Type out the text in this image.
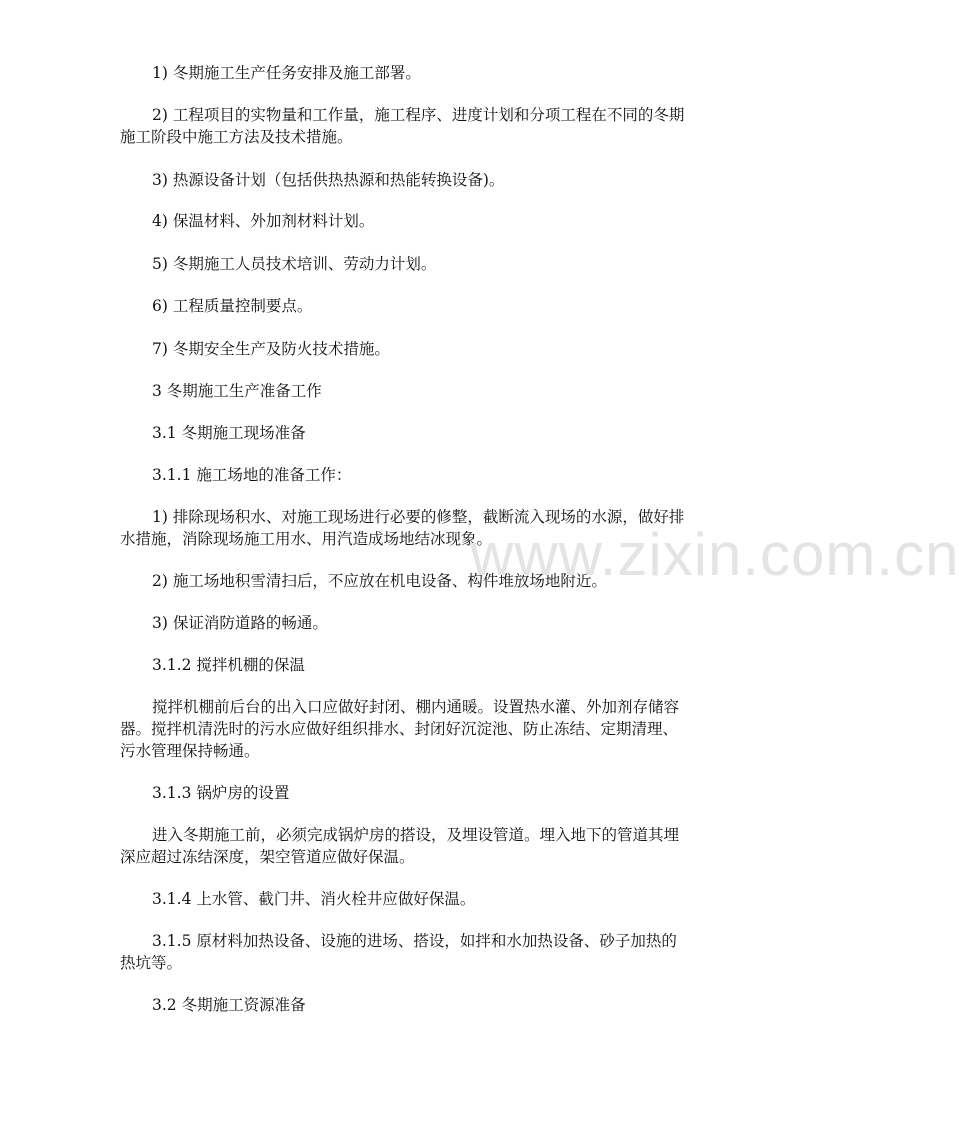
1) 冬期施工生产任务安排及施工部署。

2) 工程项目的实物量和工作量，施工程序、进度计划和分项工程在不同的冬期施工阶段中施工方法及技术措施。

3) 热源设备计划（包括供热热源和热能转换设备)。

4) 保温材料、外加剂材料计划。

5) 冬期施工人员技术培训、劳动力计划。

6) 工程质量控制要点。

7) 冬期安全生产及防火技术措施。

3 冬期施工生产准备工作

3.1 冬期施工现场准备

3.1.1 施工场地的准备工作：

1) 排除现场积水、对施工现场进行必要的修整，截断流入现场的水源，做好排水措施，消除现场施工用水、用汽造成场地结冰现象。

2) 施工场地积雪清扫后，不应放在机电设备、构件堆放场地附近。

3) 保证消防道路的畅通。

3.1.2 搅拌机棚的保温

搅拌机棚前后台的出入口应做好封闭、棚内通暖。设置热水灌、外加剂存储容器。搅拌机清洗时的污水应做好组织排水、封闭好沉淀池、防止冻结、定期清理、污水管理保持畅通。

3.1.3 锅炉房的设置

进入冬期施工前，必须完成锅炉房的搭设，及埋设管道。埋入地下的管道其埋深应超过冻结深度，架空管道应做好保温。

3.1.4 上水管、截门井、消火栓井应做好保温。

3.1.5 原材料加热设备、设施的进场、搭设，如拌和水加热设备、砂子加热的热坑等。

3.2 冬期施工资源准备

www.zixin.com.cn
